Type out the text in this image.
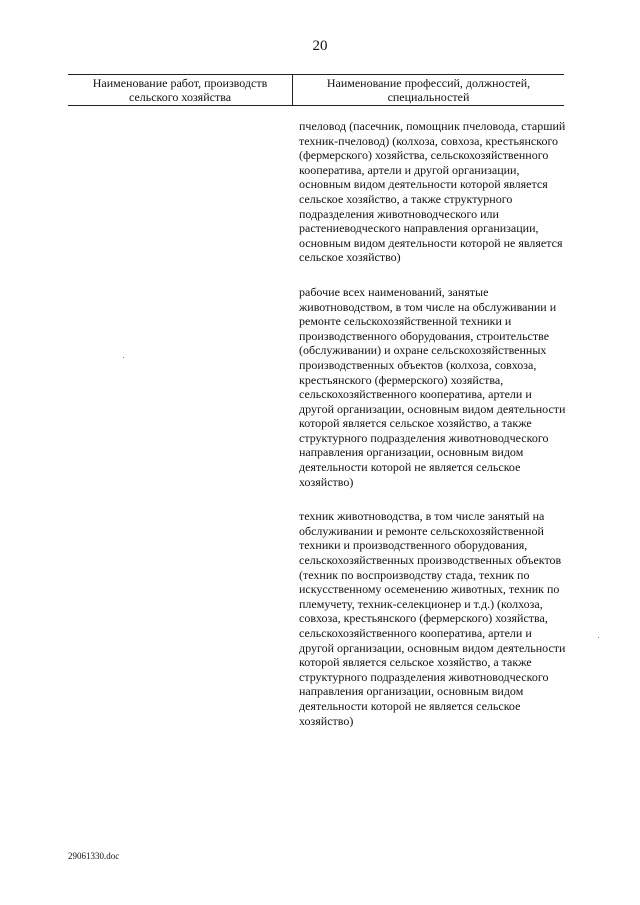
20
Наименование работ, производств сельского хозяйства
Наименование профессий, должностей, специальностей

пчеловод (пасечник, помощник пчеловода, старший техник-пчеловод) (колхоза, совхоза, крестьянского (фермерского) хозяйства, сельскохозяйственного кооператива, артели и другой организации, основным видом деятельности которой является сельское хозяйство, а также структурного подразделения животноводческого или растениеводческого направления организации, основным видом деятельности которой не является сельское хозяйство)

рабочие всех наименований, занятые животноводством, в том числе на обслуживании и ремонте сельскохозяйственной техники и производственного оборудования, строительстве (обслуживании) и охране сельскохозяйственных производственных объектов (колхоза, совхоза, крестьянского (фермерского) хозяйства, сельскохозяйственного кооператива, артели и другой организации, основным видом деятельности которой является сельское хозяйство, а также структурного подразделения животноводческого направления организации, основным видом деятельности которой не является сельское хозяйство)

техник животноводства, в том числе занятый на обслуживании и ремонте сельскохозяйственной техники и производственного оборудования, сельскохозяйственных производственных объектов (техник по воспроизводству стада, техник по искусственному осеменению животных, техник по племучету, техник-селекционер и т.д.) (колхоза, совхоза, крестьянского (фермерского) хозяйства, сельскохозяйственного кооператива, артели и другой организации, основным видом деятельности которой является сельское хозяйство, а также структурного подразделения животноводческого направления организации, основным видом деятельности которой не является сельское хозяйство)

29061330.doc
